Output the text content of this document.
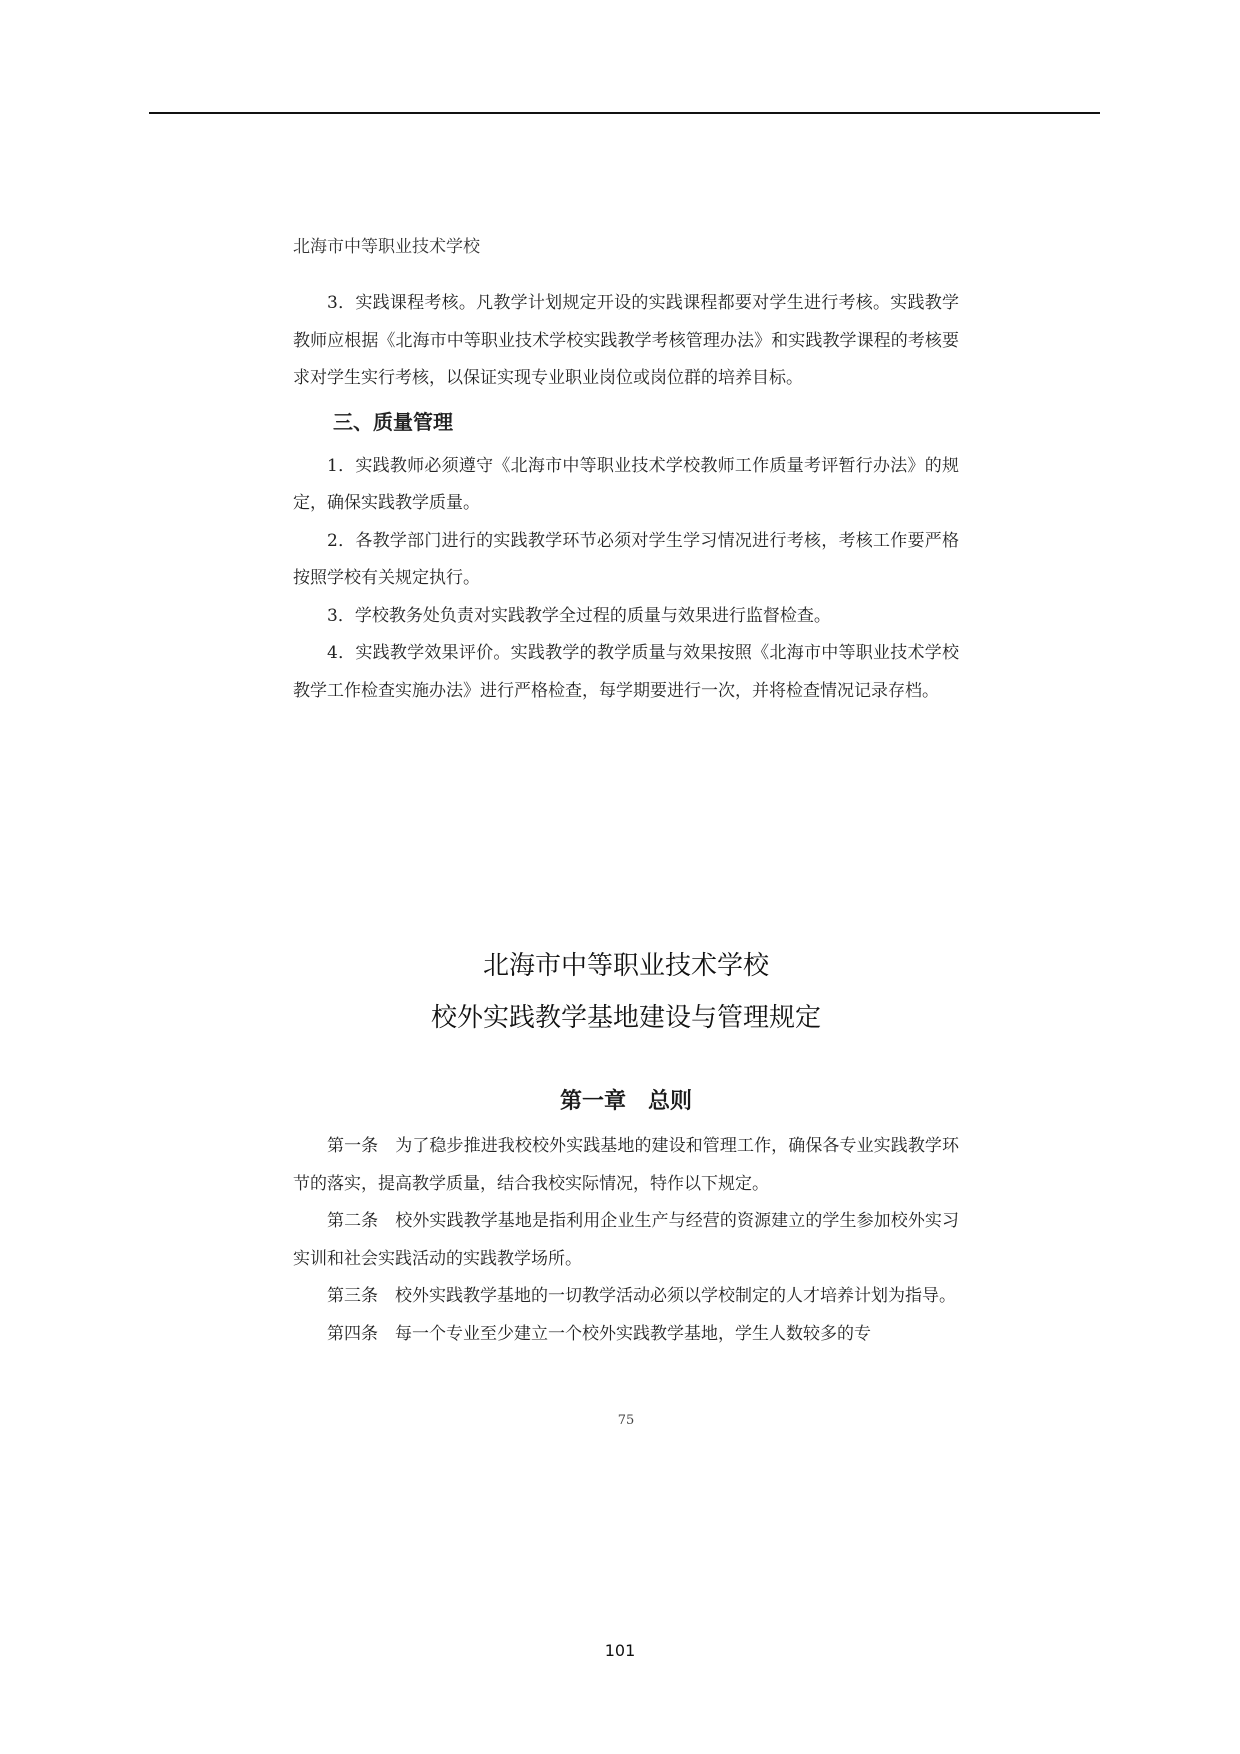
北海市中等职业技术学校

3．实践课程考核。凡教学计划规定开设的实践课程都要对学生进行考核。实践教学教师应根据《北海市中等职业技术学校实践教学考核管理办法》和实践教学课程的考核要求对学生实行考核，以保证实现专业职业岗位或岗位群的培养目标。

三、质量管理

1．实践教师必须遵守《北海市中等职业技术学校教师工作质量考评暂行办法》的规定，确保实践教学质量。

2．各教学部门进行的实践教学环节必须对学生学习情况进行考核，考核工作要严格按照学校有关规定执行。

3．学校教务处负责对实践教学全过程的质量与效果进行监督检查。

4．实践教学效果评价。实践教学的教学质量与效果按照《北海市中等职业技术学校教学工作检查实施办法》进行严格检查，每学期要进行一次，并将检查情况记录存档。

北海市中等职业技术学校
校外实践教学基地建设与管理规定
第一章　总则

第一条 为了稳步推进我校校外实践基地的建设和管理工作，确保各专业实践教学环节的落实，提高教学质量，结合我校实际情况，特作以下规定。

第二条 校外实践教学基地是指利用企业生产与经营的资源建立的学生参加校外实习实训和社会实践活动的实践教学场所。

第三条 校外实践教学基地的一切教学活动必须以学校制定的人才培养计划为指导。

第四条 每一个专业至少建立一个校外实践教学基地，学生人数较多的专

75
101
